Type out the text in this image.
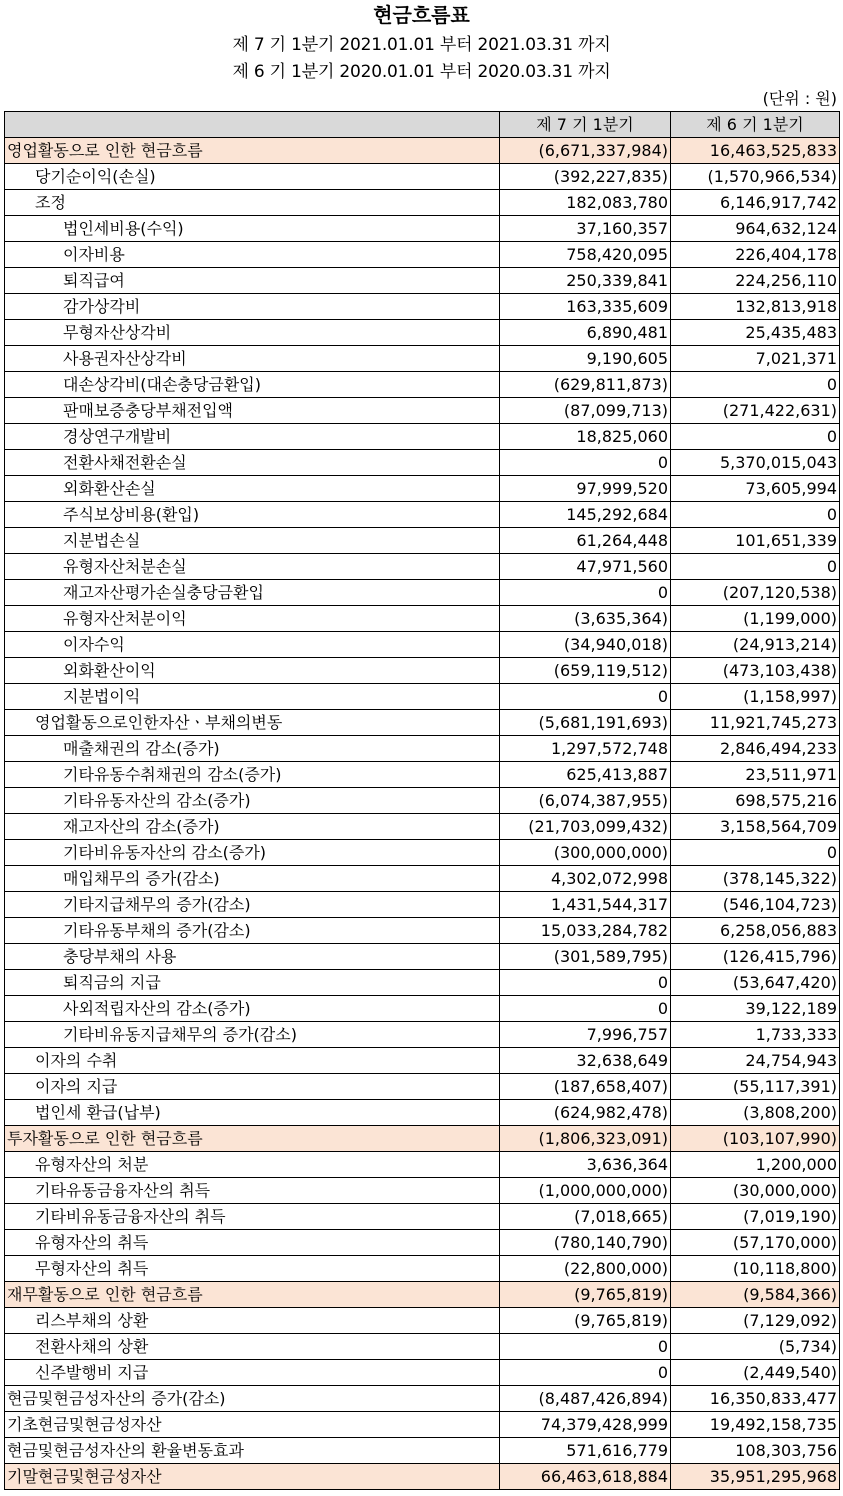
현금흐름표
제 7 기 1분기 2021.01.01 부터 2021.03.31 까지
제 6 기 1분기 2020.01.01 부터 2020.03.31 까지
(단위 : 원)
	제 7 기 1분기	제 6 기 1분기
영업활동으로 인한 현금흐름	(6,671,337,984)	16,463,525,833
당기순이익(손실)	(392,227,835)	(1,570,966,534)
조정	182,083,780	6,146,917,742
법인세비용(수익)	37,160,357	964,632,124
이자비용	758,420,095	226,404,178
퇴직급여	250,339,841	224,256,110
감가상각비	163,335,609	132,813,918
무형자산상각비	6,890,481	25,435,483
사용권자산상각비	9,190,605	7,021,371
대손상각비(대손충당금환입)	(629,811,873)	0
판매보증충당부채전입액	(87,099,713)	(271,422,631)
경상연구개발비	18,825,060	0
전환사채전환손실	0	5,370,015,043
외화환산손실	97,999,520	73,605,994
주식보상비용(환입)	145,292,684	0
지분법손실	61,264,448	101,651,339
유형자산처분손실	47,971,560	0
재고자산평가손실충당금환입	0	(207,120,538)
유형자산처분이익	(3,635,364)	(1,199,000)
이자수익	(34,940,018)	(24,913,214)
외화환산이익	(659,119,512)	(473,103,438)
지분법이익	0	(1,158,997)
영업활동으로인한자산ㆍ부채의변동	(5,681,191,693)	11,921,745,273
매출채권의 감소(증가)	1,297,572,748	2,846,494,233
기타유동수취채권의 감소(증가)	625,413,887	23,511,971
기타유동자산의 감소(증가)	(6,074,387,955)	698,575,216
재고자산의 감소(증가)	(21,703,099,432)	3,158,564,709
기타비유동자산의 감소(증가)	(300,000,000)	0
매입채무의 증가(감소)	4,302,072,998	(378,145,322)
기타지급채무의 증가(감소)	1,431,544,317	(546,104,723)
기타유동부채의 증가(감소)	15,033,284,782	6,258,056,883
충당부채의 사용	(301,589,795)	(126,415,796)
퇴직금의 지급	0	(53,647,420)
사외적립자산의 감소(증가)	0	39,122,189
기타비유동지급채무의 증가(감소)	7,996,757	1,733,333
이자의 수취	32,638,649	24,754,943
이자의 지급	(187,658,407)	(55,117,391)
법인세 환급(납부)	(624,982,478)	(3,808,200)
투자활동으로 인한 현금흐름	(1,806,323,091)	(103,107,990)
유형자산의 처분	3,636,364	1,200,000
기타유동금융자산의 취득	(1,000,000,000)	(30,000,000)
기타비유동금융자산의 취득	(7,018,665)	(7,019,190)
유형자산의 취득	(780,140,790)	(57,170,000)
무형자산의 취득	(22,800,000)	(10,118,800)
재무활동으로 인한 현금흐름	(9,765,819)	(9,584,366)
리스부채의 상환	(9,765,819)	(7,129,092)
전환사채의 상환	0	(5,734)
신주발행비 지급	0	(2,449,540)
현금및현금성자산의 증가(감소)	(8,487,426,894)	16,350,833,477
기초현금및현금성자산	74,379,428,999	19,492,158,735
현금및현금성자산의 환율변동효과	571,616,779	108,303,756
기말현금및현금성자산	66,463,618,884	35,951,295,968
